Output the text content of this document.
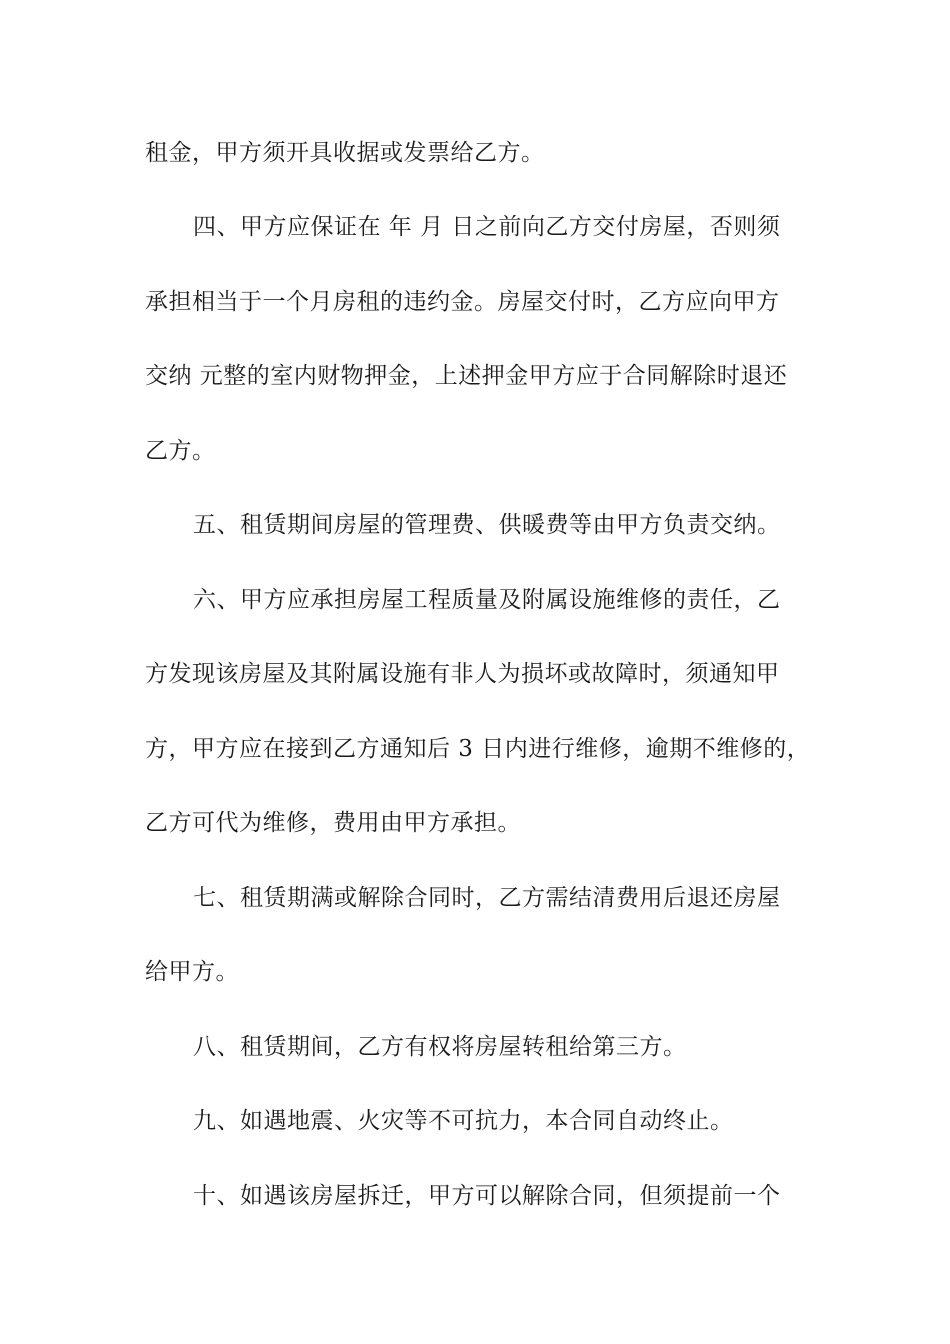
租金，甲方须开具收据或发票给乙方。
四、甲方应保证在 年 月 日之前向乙方交付房屋，否则须
承担相当于一个月房租的违约金。房屋交付时，乙方应向甲方
交纳 元整的室内财物押金，上述押金甲方应于合同解除时退还
乙方。
五、租赁期间房屋的管理费、供暖费等由甲方负责交纳。
六、甲方应承担房屋工程质量及附属设施维修的责任，乙
方发现该房屋及其附属设施有非人为损坏或故障时，须通知甲
方，甲方应在接到乙方通知后 3 日内进行维修，逾期不维修的，
乙方可代为维修，费用由甲方承担。
七、租赁期满或解除合同时，乙方需结清费用后退还房屋
给甲方。
八、租赁期间，乙方有权将房屋转租给第三方。
九、如遇地震、火灾等不可抗力，本合同自动终止。
十、如遇该房屋拆迁，甲方可以解除合同，但须提前一个
